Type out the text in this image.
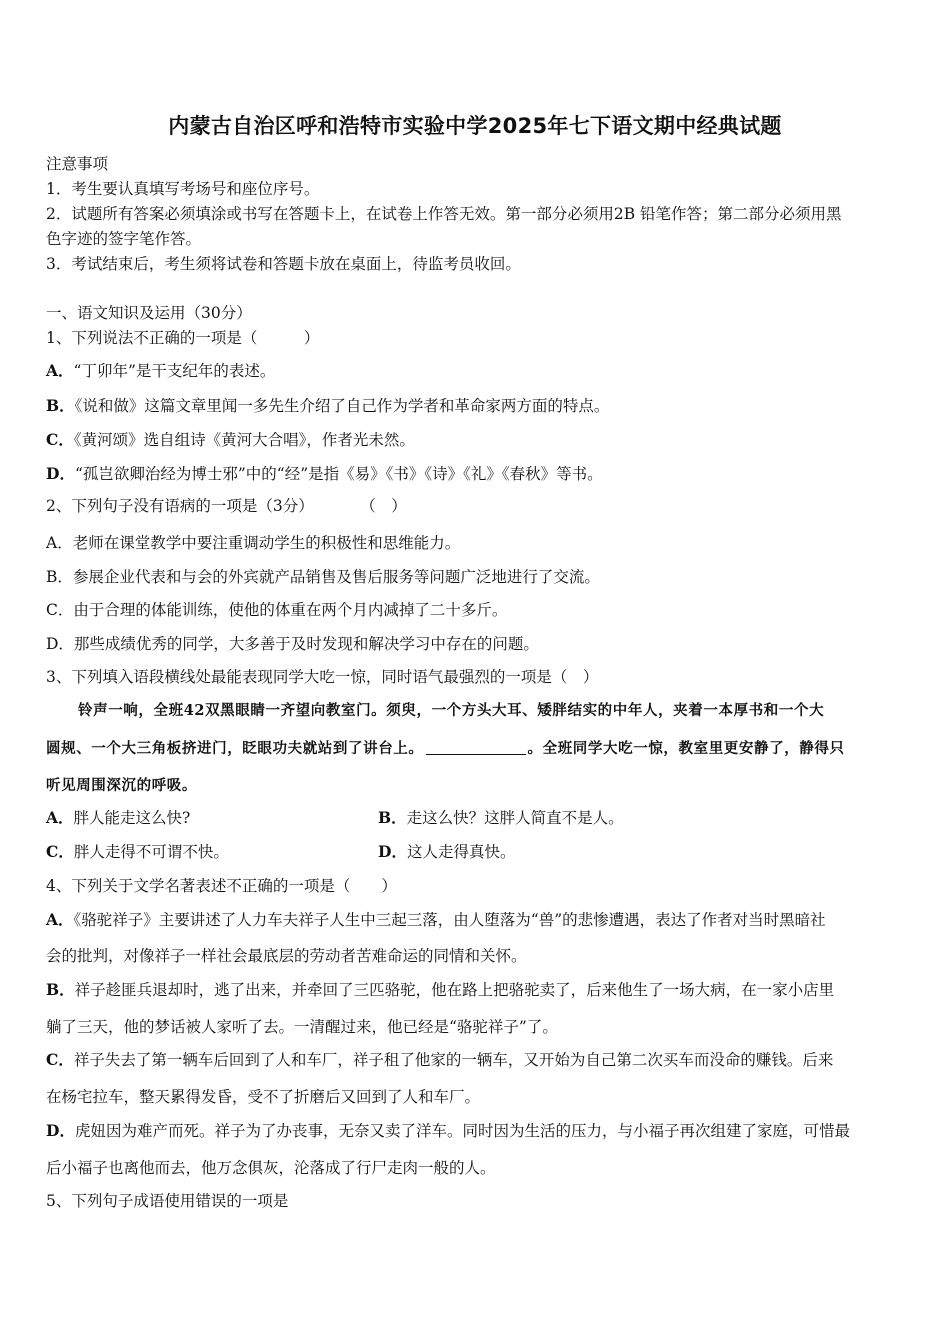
内蒙古自治区呼和浩特市实验中学2025年七下语文期中经典试题
注意事项
1．考生要认真填写考场号和座位序号。
2．试题所有答案必须填涂或书写在答题卡上，在试卷上作答无效。第一部分必须用2B 铅笔作答；第二部分必须用黑
色字迹的签字笔作答。
3．考试结束后，考生须将试卷和答题卡放在桌面上，待监考员收回。
一、语文知识及运用（30分）
1、下列说法不正确的一项是（　　　）
A．“丁卯年”是干支纪年的表述。
B．《说和做》这篇文章里闻一多先生介绍了自己作为学者和革命家两方面的特点。
C．《黄河颂》选自组诗《黄河大合唱》，作者光未然。
D．“孤岂欲卿治经为博士邪”中的“经”是指《易》《书》《诗》《礼》《春秋》等书。
2、下列句子没有语病的一项是（3分）　　　　（　）
A．老师在课堂教学中要注重调动学生的积极性和思维能力。
B．参展企业代表和与会的外宾就产品销售及售后服务等问题广泛地进行了交流。
C．由于合理的体能训练，使他的体重在两个月内减掉了二十多斤。
D．那些成绩优秀的同学，大多善于及时发现和解决学习中存在的问题。
3、下列填入语段横线处最能表现同学大吃一惊，同时语气最强烈的一项是（　）
铃声一响，全班42双黑眼睛一齐望向教室门。须臾，一个方头大耳、矮胖结实的中年人，夹着一本厚书和一个大
圆规、一个大三角板挤进门，眨眼功夫就站到了讲台上。	。全班同学大吃一惊，教室里更安静了，静得只
听见周围深沉的呼吸。
A．胖人能走这么快?	B．走这么快？这胖人简直不是人。
C．胖人走得不可谓不快。	D．这人走得真快。
4、下列关于文学名著表述不正确的一项是（　　）
A．《骆驼祥子》主要讲述了人力车夫祥子人生中三起三落，由人堕落为“兽”的悲惨遭遇，表达了作者对当时黑暗社
会的批判，对像祥子一样社会最底层的劳动者苦难命运的同情和关怀。
B．祥子趁匪兵退却时，逃了出来，并牵回了三匹骆驼，他在路上把骆驼卖了，后来他生了一场大病，在一家小店里
躺了三天，他的梦话被人家听了去。一清醒过来，他已经是“骆驼祥子”了。
C．祥子失去了第一辆车后回到了人和车厂，祥子租了他家的一辆车，又开始为自己第二次买车而没命的赚钱。后来
在杨宅拉车，整天累得发昏，受不了折磨后又回到了人和车厂。
D．虎妞因为难产而死。祥子为了办丧事，无奈又卖了洋车。同时因为生活的压力，与小福子再次组建了家庭，可惜最
后小福子也离他而去，他万念俱灰，沦落成了行尸走肉一般的人。
5、下列句子成语使用错误的一项是
